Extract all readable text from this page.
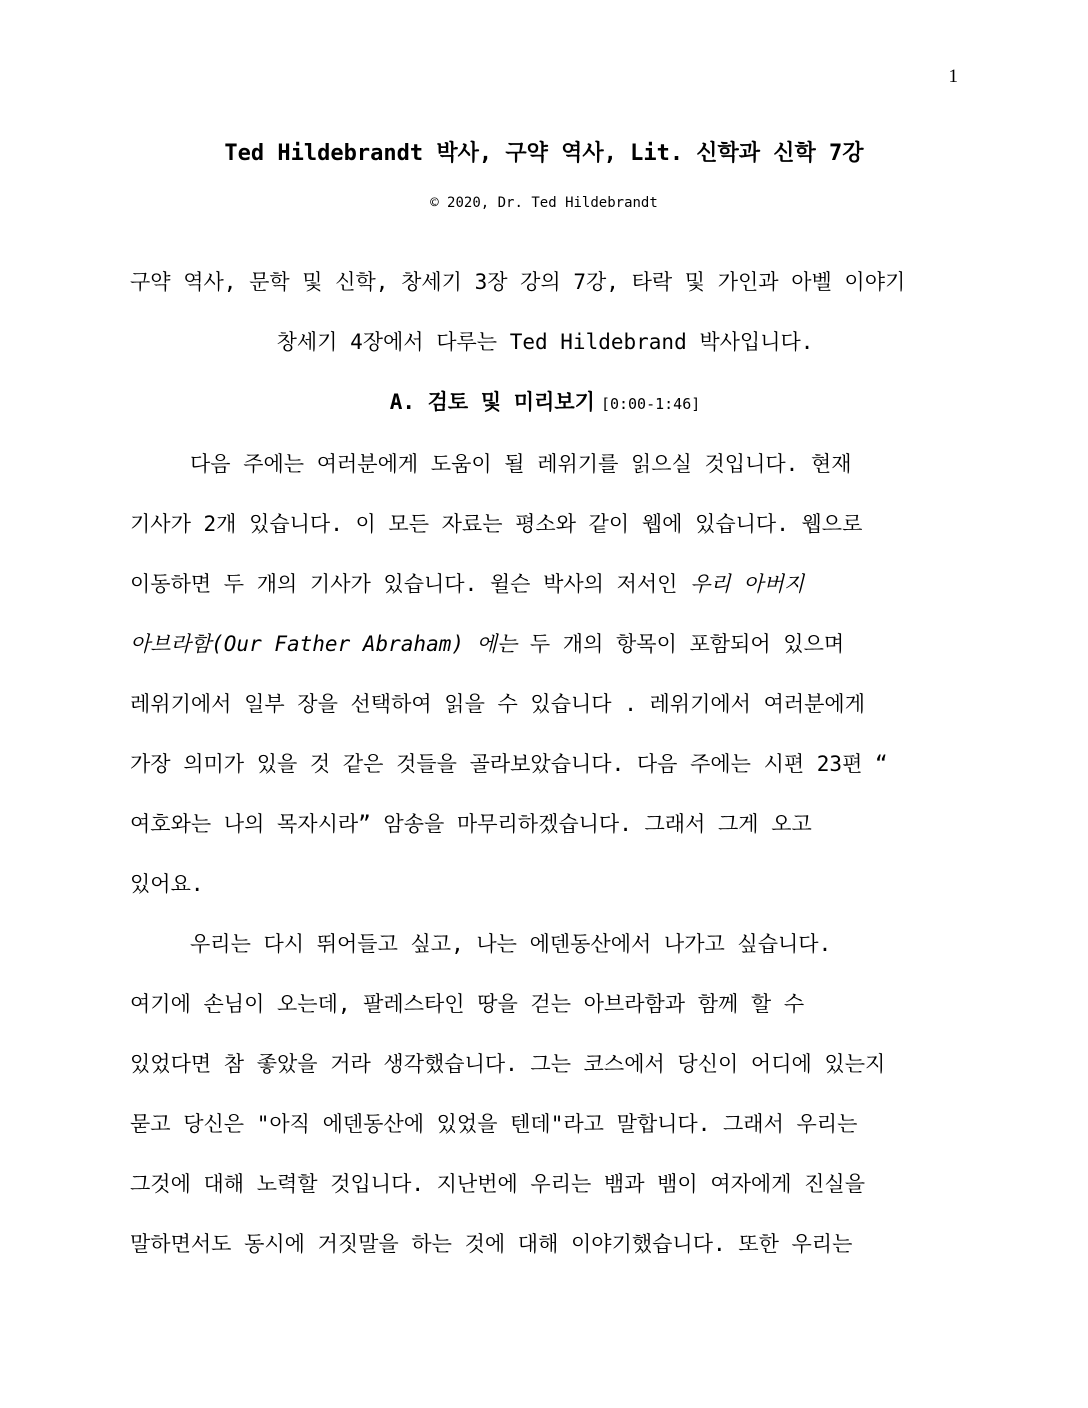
1
Ted Hildebrandt 박사, 구약 역사, Lit. 신학과 신학 7강
© 2020, Dr. Ted Hildebrandt

구약 역사, 문학 및 신학, 창세기 3장 강의 7강, 타락 및 가인과 아벨 이야기

창세기 4장에서 다루는 Ted Hildebrand 박사입니다.

A. 검토 및 미리보기 [0:00-1:46]

다음 주에는 여러분에게 도움이 될 레위기를 읽으실 것입니다. 현재
기사가 2개 있습니다. 이 모든 자료는 평소와 같이 웹에 있습니다. 웹으로
이동하면 두 개의 기사가 있습니다. 윌슨 박사의 저서인 우리 아버지
아브라함(Our Father Abraham) 에는 두 개의 항목이 포함되어 있으며
레위기에서 일부 장을 선택하여 읽을 수 있습니다 . 레위기에서 여러분에게
가장 의미가 있을 것 같은 것들을 골라보았습니다. 다음 주에는 시편 23편 “
여호와는 나의 목자시라” 암송을 마무리하겠습니다. 그래서 그게 오고
있어요.

우리는 다시 뛰어들고 싶고, 나는 에덴동산에서 나가고 싶습니다.
여기에 손님이 오는데, 팔레스타인 땅을 걷는 아브라함과 함께 할 수
있었다면 참 좋았을 거라 생각했습니다. 그는 코스에서 당신이 어디에 있는지
묻고 당신은 "아직 에덴동산에 있었을 텐데"라고 말합니다. 그래서 우리는
그것에 대해 노력할 것입니다. 지난번에 우리는 뱀과 뱀이 여자에게 진실을
말하면서도 동시에 거짓말을 하는 것에 대해 이야기했습니다. 또한 우리는
